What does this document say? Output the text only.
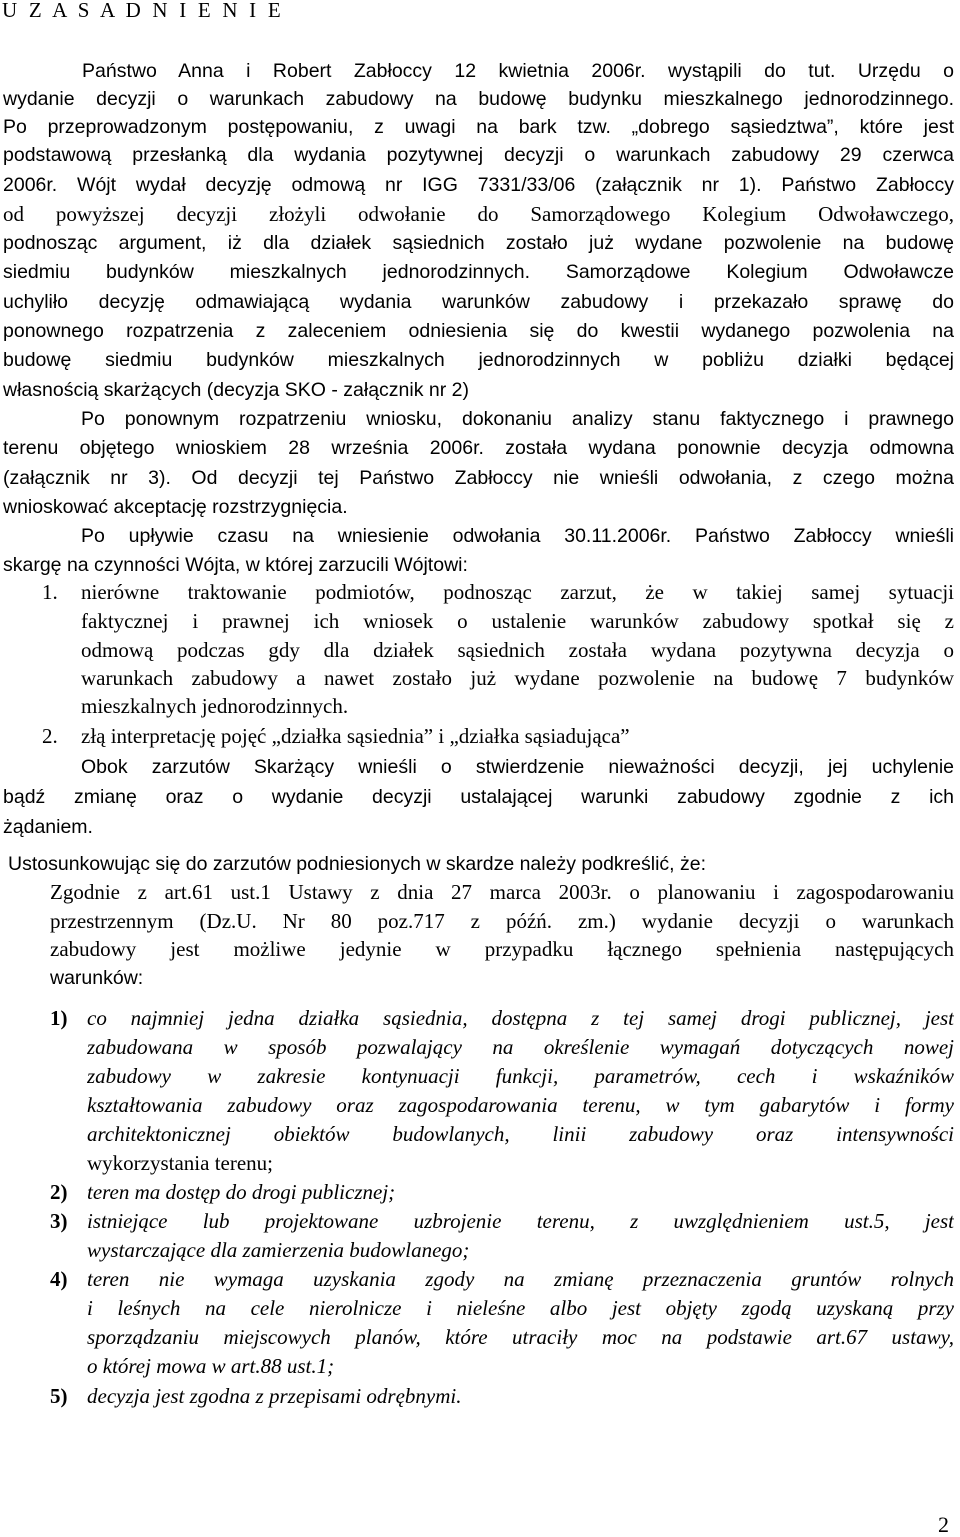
U Z A S A D N I E N I E
Państwo Anna i Robert Zabłoccy 12 kwietnia 2006r. wystąpili do tut. Urzędu o
wydanie decyzji o warunkach zabudowy na budowę budynku mieszkalnego jednorodzinnego.
Po przeprowadzonym postępowaniu, z uwagi na bark tzw. „dobrego sąsiedztwa”, które jest
podstawową przesłanką dla wydania pozytywnej decyzji o warunkach zabudowy 29 czerwca
2006r. Wójt wydał decyzję odmową nr IGG 7331/33/06 (załącznik nr 1). Państwo Zabłoccy
od powyższej decyzji złożyli odwołanie do Samorządowego Kolegium Odwoławczego,
podnosząc argument, iż dla działek sąsiednich zostało już wydane pozwolenie na budowę
siedmiu budynków mieszkalnych jednorodzinnych. Samorządowe Kolegium Odwoławcze
uchyliło decyzję odmawiającą wydania warunków zabudowy i przekazało sprawę do
ponownego rozpatrzenia z zaleceniem odniesienia się do kwestii wydanego pozwolenia na
budowę siedmiu budynków mieszkalnych jednorodzinnych w pobliżu działki będącej
własnością skarżących (decyzja SKO - załącznik nr 2)
Po ponownym rozpatrzeniu wniosku, dokonaniu analizy stanu faktycznego i prawnego
terenu objętego wnioskiem 28 września 2006r. została wydana ponownie decyzja odmowna
(załącznik nr 3). Od decyzji tej Państwo Zabłoccy nie wnieśli odwołania, z czego można
wnioskować akceptację rozstrzygnięcia.
Po upływie czasu na wniesienie odwołania 30.11.2006r. Państwo Zabłoccy wnieśli
skargę na czynności Wójta, w której zarzucili Wójtowi:
1. nierówne traktowanie podmiotów, podnosząc zarzut, że w takiej samej sytuacji
faktycznej i prawnej ich wniosek o ustalenie warunków zabudowy spotkał się z
odmową podczas gdy dla działek sąsiednich została wydana pozytywna decyzja o
warunkach zabudowy a nawet zostało już wydane pozwolenie na budowę 7 budynków
mieszkalnych jednorodzinnych.
2. złą interpretację pojęć „działka sąsiednia” i „działka sąsiadująca”
Obok zarzutów Skarżący wnieśli o stwierdzenie nieważności decyzji, jej uchylenie
bądź zmianę oraz o wydanie decyzji ustalającej warunki zabudowy zgodnie z ich
żądaniem.
Ustosunkowując się do zarzutów podniesionych w skardze należy podkreślić, że:
Zgodnie z art.61 ust.1 Ustawy z dnia 27 marca 2003r. o planowaniu i zagospodarowaniu
przestrzennym (Dz.U. Nr 80 poz.717 z późń. zm.) wydanie decyzji o warunkach
zabudowy jest możliwe jedynie w przypadku łącznego spełnienia następujących
warunków:
1) co najmniej jedna działka sąsiednia, dostępna z tej samej drogi publicznej, jest
zabudowana w sposób pozwalający na określenie wymagań dotyczących nowej
zabudowy w zakresie kontynuacji funkcji, parametrów, cech i wskaźników
kształtowania zabudowy oraz zagospodarowania terenu, w tym gabarytów i formy
architektonicznej obiektów budowlanych, linii zabudowy oraz intensywności
wykorzystania terenu;
2) teren ma dostęp do drogi publicznej;
3) istniejące lub projektowane uzbrojenie terenu, z uwzględnieniem ust.5, jest
wystarczające dla zamierzenia budowlanego;
4) teren nie wymaga uzyskania zgody na zmianę przeznaczenia gruntów rolnych
i leśnych na cele nierolnicze i nieleśne albo jest objęty zgodą uzyskaną przy
sporządzaniu miejscowych planów, które utraciły moc na podstawie art.67 ustawy,
o której mowa w art.88 ust.1;
5) decyzja jest zgodna z przepisami odrębnymi.
2
